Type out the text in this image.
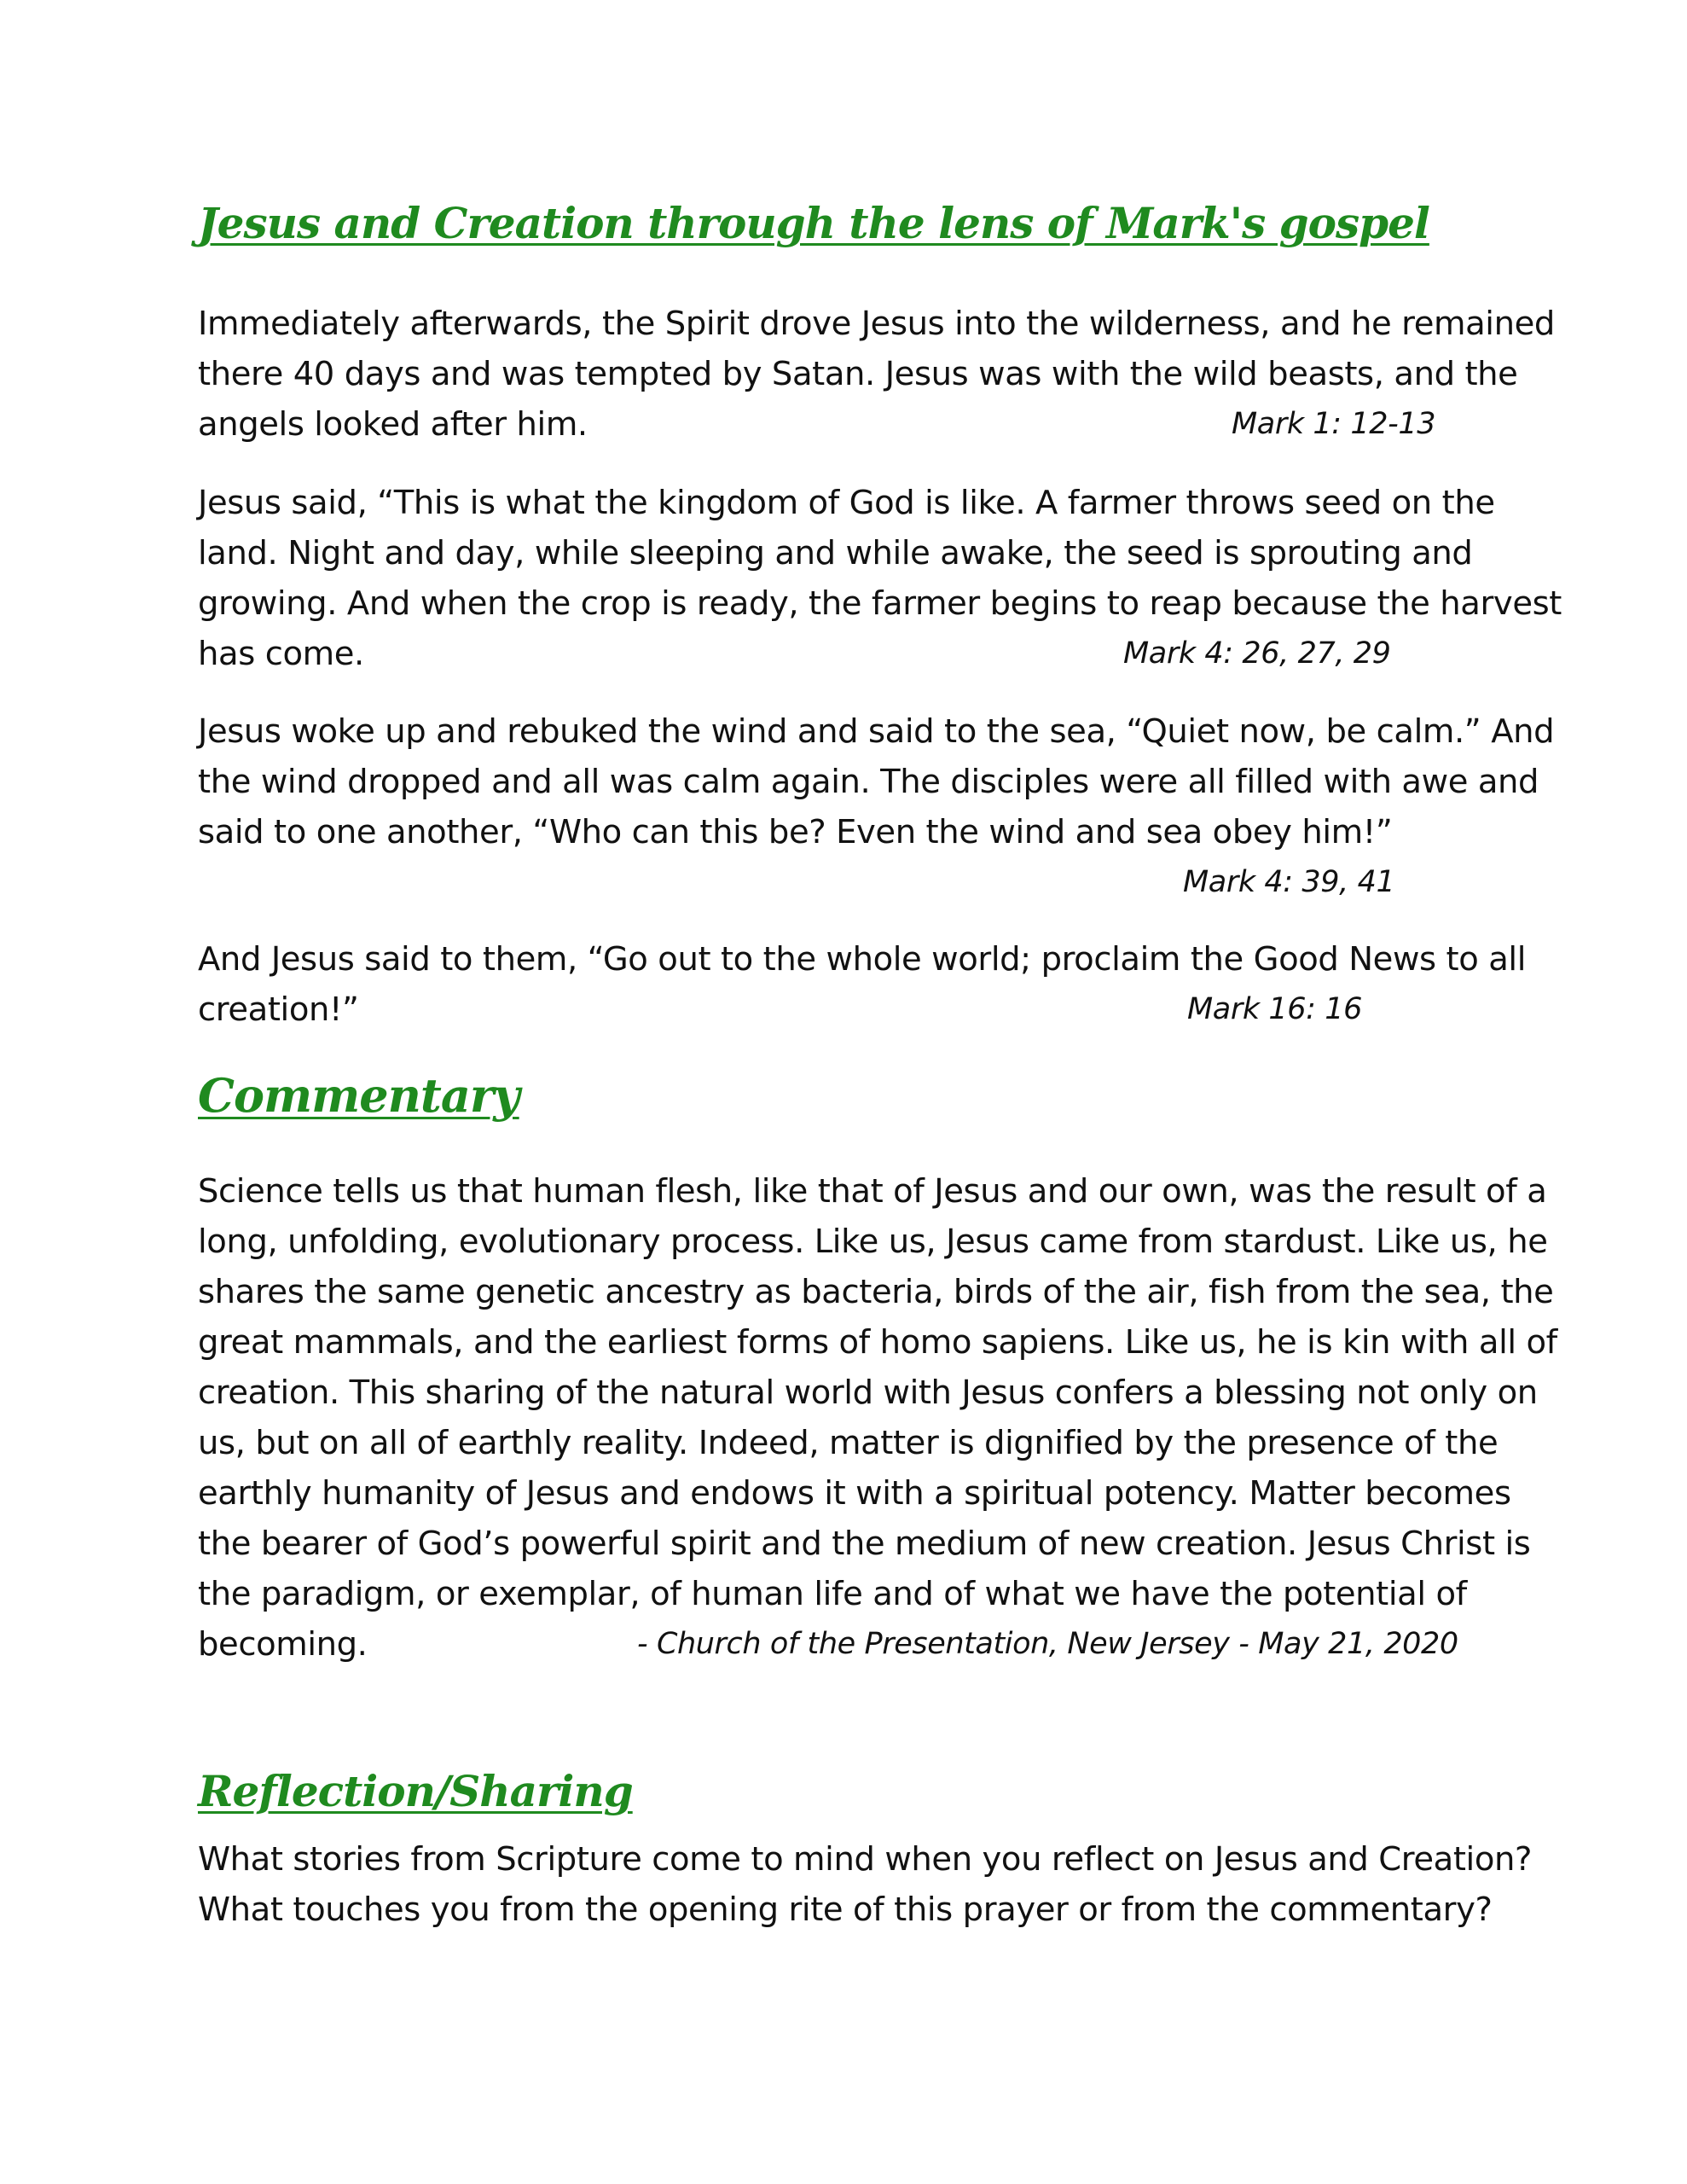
Jesus and Creation through the lens of Mark's gospel
Immediately afterwards, the Spirit drove Jesus into the wilderness, and he remained
there 40 days and was tempted by Satan. Jesus was with the wild beasts, and the
angels looked after him.	Mark 1: 12-13
Jesus said, “This is what the kingdom of God is like. A farmer throws seed on the
land. Night and day, while sleeping and while awake, the seed is sprouting and
growing. And when the crop is ready, the farmer begins to reap because the harvest
has come.	Mark 4: 26, 27, 29
Jesus woke up and rebuked the wind and said to the sea, “Quiet now, be calm.” And
the wind dropped and all was calm again. The disciples were all filled with awe and
said to one another, “Who can this be? Even the wind and sea obey him!”
Mark 4: 39, 41
And Jesus said to them, “Go out to the whole world; proclaim the Good News to all
creation!”	Mark 16: 16
Commentary
Science tells us that human flesh, like that of Jesus and our own, was the result of a
long, unfolding, evolutionary process. Like us, Jesus came from stardust. Like us, he
shares the same genetic ancestry as bacteria, birds of the air, fish from the sea, the
great mammals, and the earliest forms of homo sapiens. Like us, he is kin with all of
creation. This sharing of the natural world with Jesus confers a blessing not only on
us, but on all of earthly reality. Indeed, matter is dignified by the presence of the
earthly humanity of Jesus and endows it with a spiritual potency. Matter becomes
the bearer of God’s powerful spirit and the medium of new creation. Jesus Christ is
the paradigm, or exemplar, of human life and of what we have the potential of
becoming.	- Church of the Presentation, New Jersey - May 21, 2020
Reflection/Sharing
What stories from Scripture come to mind when you reflect on Jesus and Creation?
What touches you from the opening rite of this prayer or from the commentary?
